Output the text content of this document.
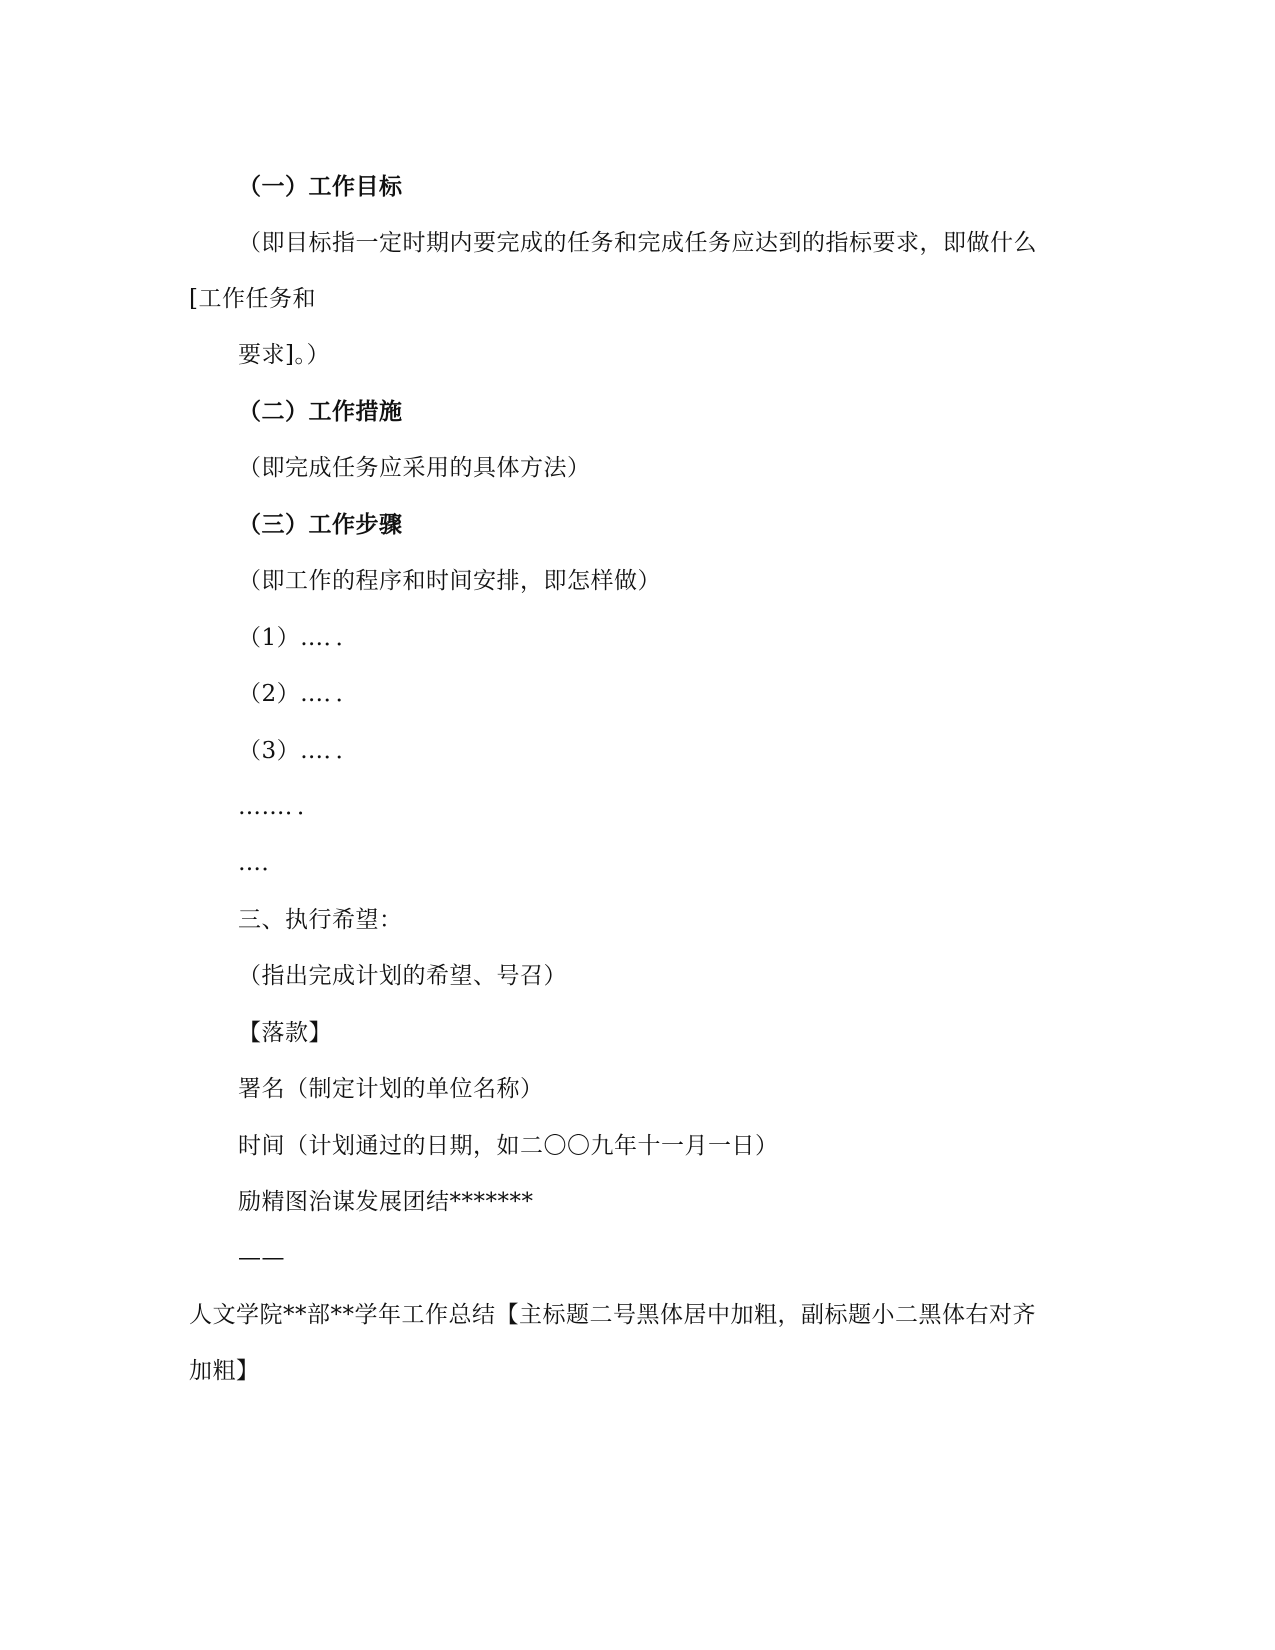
（一）工作目标
（即目标指一定时期内要完成的任务和完成任务应达到的指标要求，即做什么
[工作任务和
要求]。）
（二）工作措施
（即完成任务应采用的具体方法）
（三）工作步骤
（即工作的程序和时间安排，即怎样做）
（1）…．．
（2）…．．
（3）…．．
……．．
…．
三、执行希望：
（指出完成计划的希望、号召）
【落款】
署名（制定计划的单位名称）
时间（计划通过的日期，如二〇〇九年十一月一日）
励精图治谋发展团结*******
——
人文学院**部**学年工作总结【主标题二号黑体居中加粗，副标题小二黑体右对齐
加粗】
